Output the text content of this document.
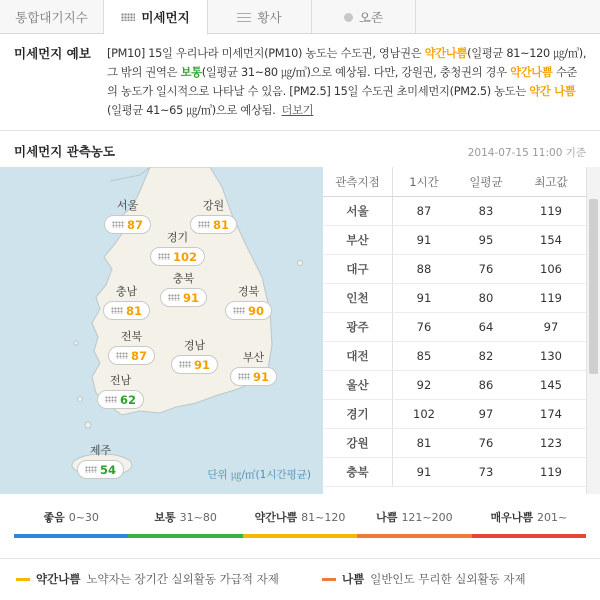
통합대기지수	미세먼지	황사	오존
미세먼지 예보 [PM10] 15일 우리나라 미세먼지(PM10) 농도는 수도권, 영남권은 약간나쁨(일평균 81~120 ㎍/㎥), 그 밖의 권역은 보통(일평균 31~80 ㎍/㎥)으로 예상됨. 다만, 강원권, 충청권의 경우 약간나쁨 수준의 농도가 일시적으로 나타날 수 있음. [PM2.5] 15일 수도권 초미세먼지(PM2.5) 농도는 약간 나쁨(일평균 41~65 ㎍/㎥)으로 예상됨. 더보기
미세먼지 관측농도	2014-07-15 11:00 기준
서울
87
강원
81
경기
102
충북
91
충남
81
경북
90
전북
87
경남
91	부산
91
전남
62
제주
54	단위 ㎍/㎥(1시간평균)
관측지점	1시간	일평균	최고값
서울	87	83	119
부산	91	95	154
대구	88	76	106
인천	91	80	119
광주	76	64	97
대전	85	82	130
울산	92	86	145
경기	102	97	174
강원	81	76	123
충북	91	73	119
좋음 0~30	보통 31~80	약간나쁨 81~120	나쁨 121~200	매우나쁨 201~
약간나쁨 노약자는 장기간 실외활동 가급적 자제	나쁨 일반인도 무리한 실외활동 자제
